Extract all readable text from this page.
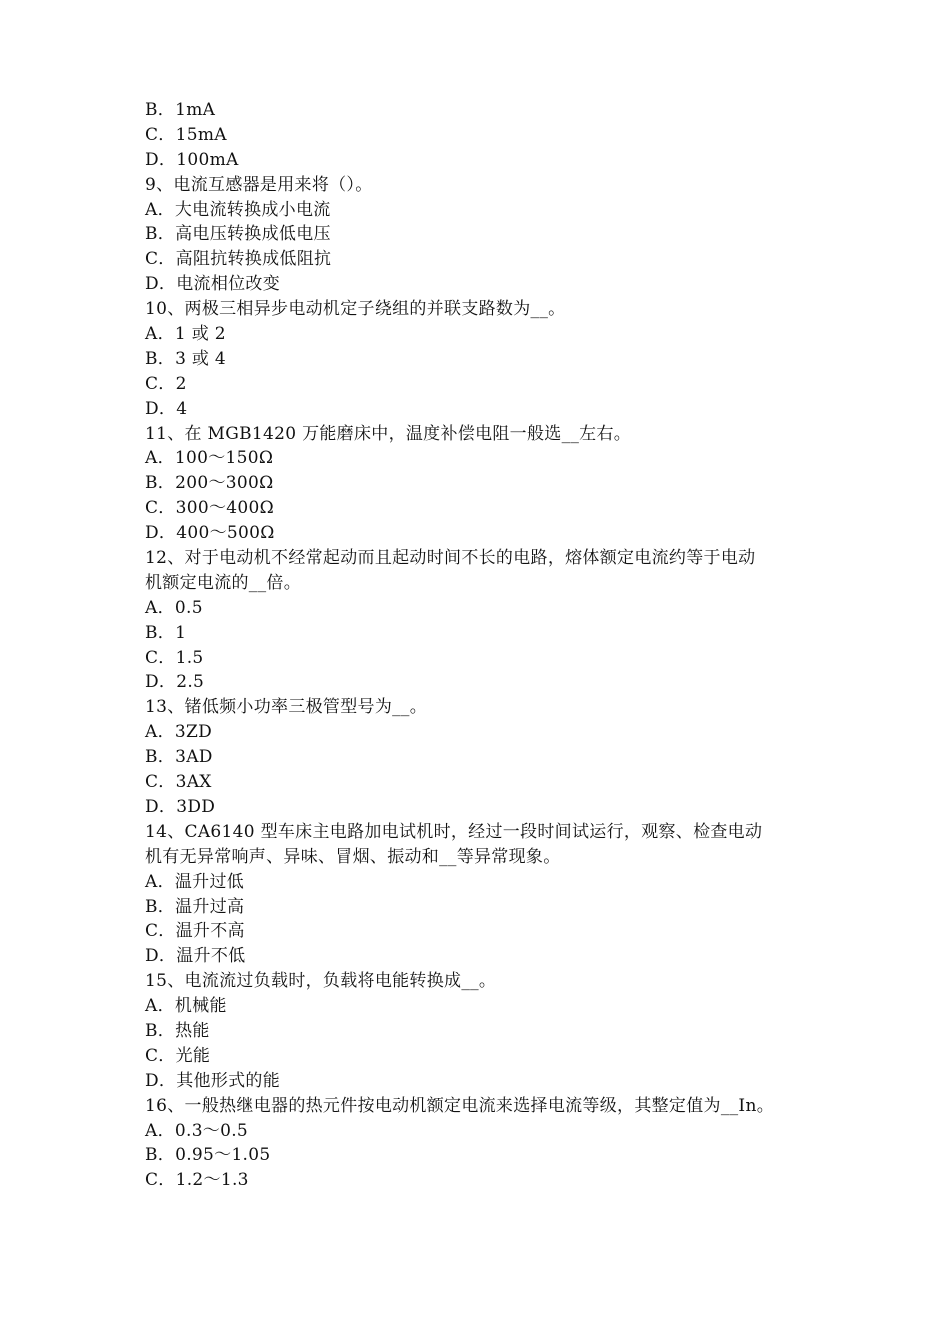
B．1mA
C．15mA
D．100mA
9、电流互感器是用来将（）。
A．大电流转换成小电流
B．高电压转换成低电压
C．高阻抗转换成低阻抗
D．电流相位改变
10、两极三相异步电动机定子绕组的并联支路数为__。
A．1 或 2
B．3 或 4
C．2
D．4
11、在 MGB1420 万能磨床中，温度补偿电阻一般选__左右。
A．100～150Ω
B．200～300Ω
C．300～400Ω
D．400～500Ω
12、对于电动机不经常起动而且起动时间不长的电路，熔体额定电流约等于电动
机额定电流的__倍。
A．0.5
B．1
C．1.5
D．2.5
13、锗低频小功率三极管型号为__。
A．3ZD
B．3AD
C．3AX
D．3DD
14、CA6140 型车床主电路加电试机时，经过一段时间试运行，观察、检查电动
机有无异常响声、异味、冒烟、振动和__等异常现象。
A．温升过低
B．温升过高
C．温升不高
D．温升不低
15、电流流过负载时，负载将电能转换成__。
A．机械能
B．热能
C．光能
D．其他形式的能
16、一般热继电器的热元件按电动机额定电流来选择电流等级，其整定值为__In。
A．0.3～0.5
B．0.95～1.05
C．1.2～1.3
